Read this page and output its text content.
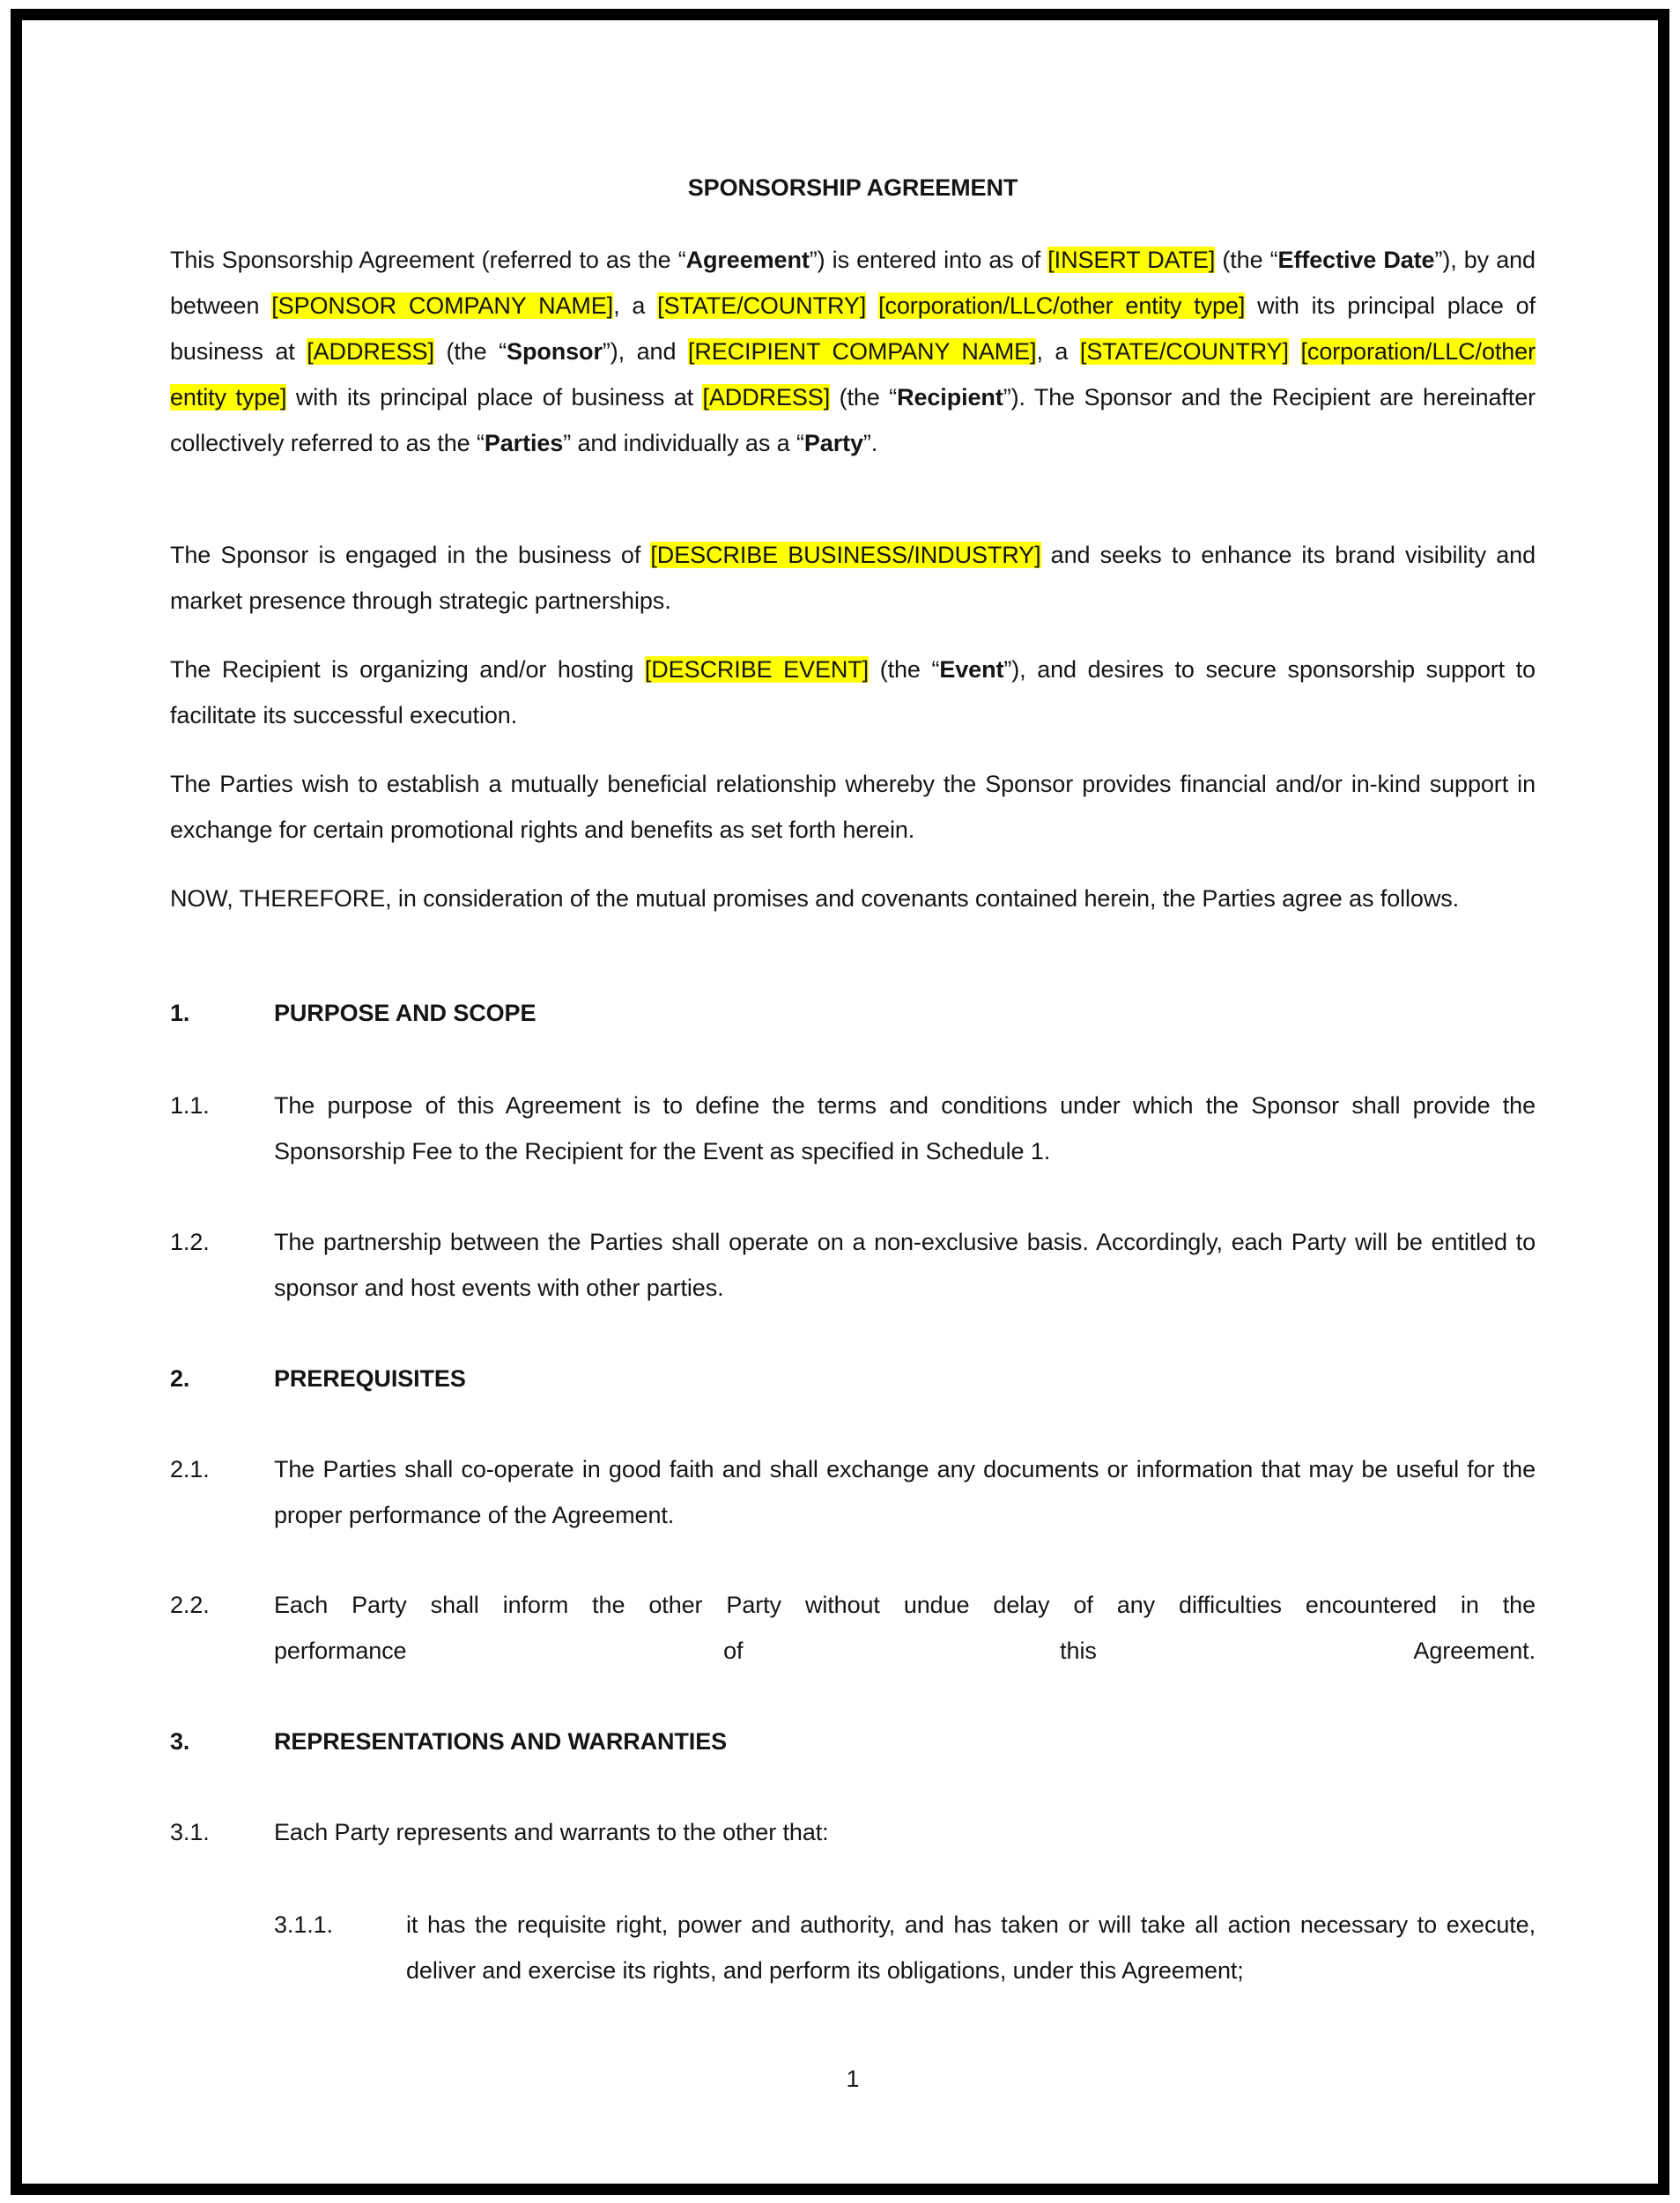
SPONSORSHIP AGREEMENT
This Sponsorship Agreement (referred to as the “Agreement”) is entered into as of [INSERT DATE] (the “Effective Date”), by and between [SPONSOR COMPANY NAME], a [STATE/COUNTRY] [corporation/LLC/other entity type] with its principal place of business at [ADDRESS] (the “Sponsor”), and [RECIPIENT COMPANY NAME], a [STATE/COUNTRY] [corporation/LLC/other entity type] with its principal place of business at [ADDRESS] (the “Recipient”). The Sponsor and the Recipient are hereinafter collectively referred to as the “Parties” and individually as a “Party”.
The Sponsor is engaged in the business of [DESCRIBE BUSINESS/INDUSTRY] and seeks to enhance its brand visibility and market presence through strategic partnerships.
The Recipient is organizing and/or hosting [DESCRIBE EVENT] (the “Event”), and desires to secure sponsorship support to facilitate its successful execution.
The Parties wish to establish a mutually beneficial relationship whereby the Sponsor provides financial and/or in-kind support in exchange for certain promotional rights and benefits as set forth herein.
NOW, THEREFORE, in consideration of the mutual promises and covenants contained herein, the Parties agree as follows.
1.	PURPOSE AND SCOPE
1.1.	The purpose of this Agreement is to define the terms and conditions under which the Sponsor shall provide the Sponsorship Fee to the Recipient for the Event as specified in Schedule 1.
1.2.	The partnership between the Parties shall operate on a non-exclusive basis. Accordingly, each Party will be entitled to sponsor and host events with other parties.
2.	PREREQUISITES
2.1.	The Parties shall co-operate in good faith and shall exchange any documents or information that may be useful for the proper performance of the Agreement.
2.2.	Each Party shall inform the other Party without undue delay of any difficulties encountered in the
performance	of	this	Agreement.
3.	REPRESENTATIONS AND WARRANTIES
3.1.	Each Party represents and warrants to the other that:
3.1.1.	it has the requisite right, power and authority, and has taken or will take all action necessary to execute, deliver and exercise its rights, and perform its obligations, under this Agreement;
1
